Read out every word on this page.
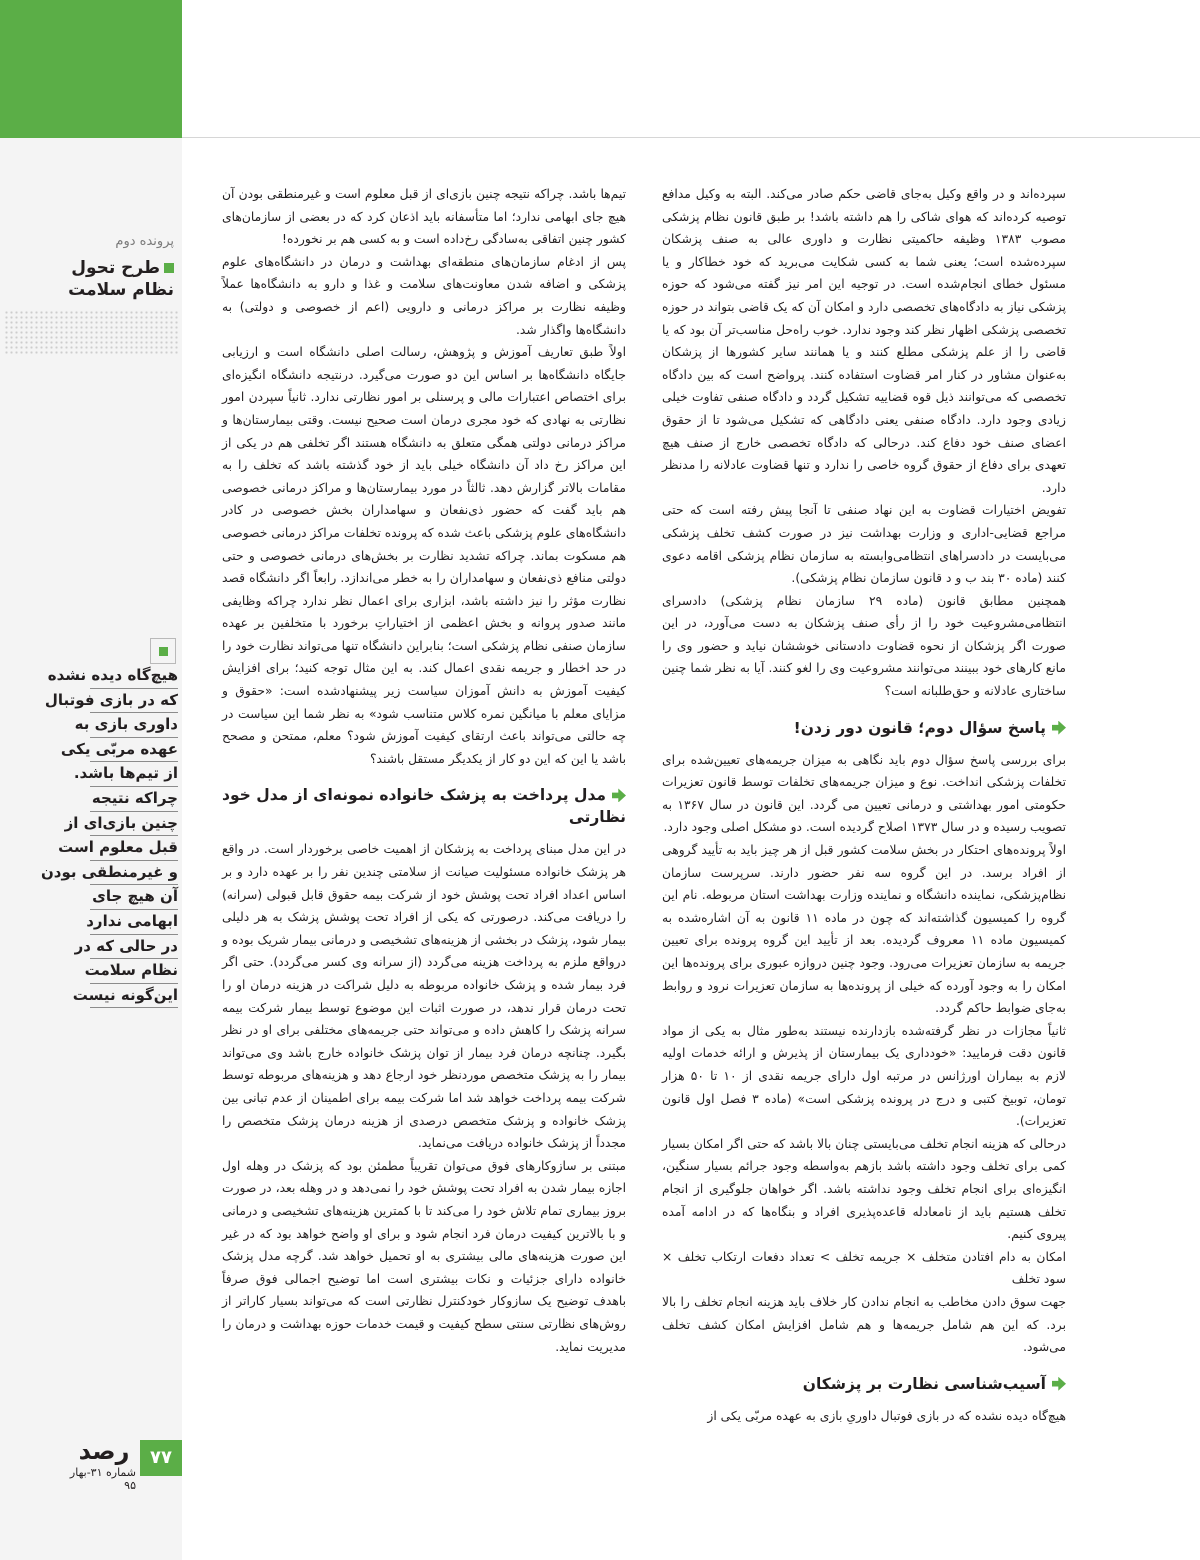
پرونده دوم
طرح تحول
نظام سلامت
هیچ‌گاه دیده نشده
که در بازی فوتبال
داوری بازی به
عهده مربّی یکی
از تیم‌ها باشد.
چراکه نتیجه
چنین بازی‌ای از
قبل معلوم است
و غیرمنطقی بودن
آن هیچ جای
ابهامی ندارد
در حالی که در
نظام سلامت
این‌گونه نیست
۷۷
رصد
شماره ۳۱-بهار ۹۵

سپرده‌اند و در واقع وکیل به‌جای قاضی حکم صادر می‌کند. البته به وکیل مدافع توصیه کرده‌اند که هوای شاکی را هم داشته باشد! بر طبق قانون نظام پزشکی مصوب ۱۳۸۳ وظیفه حاکمیتی نظارت و داوری عالی به صنف پزشکان سپرده‌شده است؛ یعنی شما به کسی شکایت می‌برید که خود خطاکار و یا مسئول خطای انجام‌شده است. در توجیه این امر نیز گفته می‌شود که حوزه پزشکی نیاز به دادگاه‌های تخصصی دارد و امکان آن که یک قاضی بتواند در حوزه تخصصی پزشکی اظهار نظر کند وجود ندارد. خوب راه‌حل مناسب‌تر آن بود که یا قاضی را از علم پزشکی مطلع کنند و یا همانند سایر کشورها از پزشکان به‌عنوان مشاور در کنار امر قضاوت استفاده کنند. پرواضح است که بین دادگاه تخصصی که می‌توانند ذیل قوه قضاییه تشکیل گردد و دادگاه صنفی تفاوت خیلی زیادی وجود دارد. دادگاه صنفی یعنی دادگاهی که تشکیل می‌شود تا از حقوق اعضای صنف خود دفاع کند. درحالی که دادگاه تخصصی خارج از صنف هیچ تعهدی برای دفاع از حقوق گروه خاصی را ندارد و تنها قضاوت عادلانه را مدنظر دارد.

تفویض اختیارات قضاوت به این نهاد صنفی تا آنجا پیش رفته است که حتی مراجع قضایی-اداری و وزارت بهداشت نیز در صورت کشف تخلف پزشکی می‌بایست در دادسراهای انتظامی‌وابسته به سازمان نظام پزشکی اقامه دعوی کنند (ماده ۳۰ بند ب و د قانون سازمان نظام پزشکی).

همچنین مطابق قانون (ماده ۲۹ سازمان نظام پزشکی) دادسرای انتظامی‌مشروعیت خود را از رأی صنف پزشکان به دست می‌آورد، در این صورت اگر پزشکان از نحوه قضاوت دادستانی خوششان نیاید و حضور وی را مانع کارهای خود ببینند می‌توانند مشروعیت وی را لغو کنند. آیا به نظر شما چنین ساختاری عادلانه و حق‌طلبانه است؟

پاسخ سؤال دوم؛ قانون دور زدن!

برای بررسی پاسخ سؤال دوم باید نگاهی به میزان جریمه‌های تعیین‌شده برای تخلفات پزشکی انداخت. نوع و میزان جریمه‌های تخلفات توسط قانون تعزیرات حکومتی امور بهداشتی و درمانی تعیین می گردد. این قانون در سال ۱۳۶۷ به تصویب رسیده و در سال ۱۳۷۳ اصلاح گردیده است. دو مشکل اصلی وجود دارد.

اولاً پرونده‌های احتکار در بخش سلامت کشور قبل از هر چیز باید به تأیید گروهی از افراد برسد. در این گروه سه نفر حضور دارند. سرپرست سازمان نظام‌پزشکی، نماینده دانشگاه و نماینده وزارت بهداشت استان مربوطه. نام این گروه را کمیسیون گذاشته‌اند که چون در ماده ۱۱ قانون به آن اشاره‌شده به کمیسیون ماده ۱۱ معروف گردیده. بعد از تأیید این گروه پرونده برای تعیین جریمه به سازمان تعزیرات می‌رود. وجود چنین دروازه عبوری برای پرونده‌ها این امکان را به وجود آورده که خیلی از پرونده‌ها به سازمان تعزیرات نرود و روابط به‌جای ضوابط حاکم گردد.

ثانیاً مجازات در نظر گرفته‌شده بازدارنده نیستند به‌طور مثال به یکی از مواد قانون دقت فرمایید: «خودداری یک بیمارستان از پذیرش و ارائه خدمات اولیه لازم به بیماران اورژانس در مرتبه اول دارای جریمه نقدی از ۱۰ تا ۵۰ هزار تومان، توبیخ کتبی و درج در پرونده پزشکی است» (ماده ۳ فصل اول قانون تعزیرات).

درحالی که هزینه انجام تخلف می‌بایستی چنان بالا باشد که حتی اگر امکان بسیار کمی برای تخلف وجود داشته باشد بازهم به‌واسطه وجود جرائم بسیار سنگین، انگیزه‌ای برای انجام تخلف وجود نداشته باشد. اگر خواهان جلوگیری از انجام تخلف هستیم باید از نامعادله قاعده‌پذیری افراد و بنگاه‌ها که در ادامه آمده پیروی کنیم.

امکان به دام افتادن متخلف × جریمه تخلف > تعداد دفعات ارتکاب تخلف × سود تخلف

جهت سوق دادن مخاطب به انجام ندادن کار خلاف باید هزینه انجام تخلف را بالا برد. که این هم شامل جریمه‌ها و هم شامل افزایش امکان کشف تخلف می‌شود.

آسیب‌شناسی نظارت بر پزشکان

هیچ‌گاه دیده نشده که در بازی فوتبال داوریِ بازی به عهده مربّی یکی از

تیم‌ها باشد. چراکه نتیجه چنین بازی‌ای از قبل معلوم است و غیرمنطقی بودن آن هیچ جای ابهامی ندارد؛ اما متأسفانه باید اذعان کرد که در بعضی از سازمان‌های کشور چنین اتفاقی به‌سادگی رخ‌داده است و به کسی هم بر نخورده!

پس از ادغام سازمان‌های منطقه‌ای بهداشت و درمان در دانشگاه‌های علوم پزشکی و اضافه شدن معاونت‌های سلامت و غذا و دارو به دانشگاه‌ها عملاً وظیفه نظارت بر مراکز درمانی و دارویی (اعم از خصوصی و دولتی) به دانشگاه‌ها واگذار شد.

اولاً طبق تعاریف آموزش و پژوهش، رسالت اصلی دانشگاه است و ارزیابی جایگاه دانشگاه‌ها بر اساس این دو صورت می‌گیرد. درنتیجه دانشگاه انگیزه‌ای برای اختصاص اعتبارات مالی و پرسنلی بر امور نظارتی ندارد. ثانیاً سپردن امور نظارتی به نهادی که خود مجری درمان است صحیح نیست. وقتی بیمارستان‌ها و مراکز درمانی دولتی همگی متعلق به دانشگاه هستند اگر تخلفی هم در یکی از این مراکز رخ داد آن دانشگاه خیلی باید از خود گذشته باشد که تخلف را به مقامات بالاتر گزارش دهد. ثالثاً در مورد بیمارستان‌ها و مراکز درمانی خصوصی هم باید گفت که حضور ذی‌نفعان و سهامداران بخش خصوصی در کادر دانشگاه‌های علوم پزشکی باعث شده که پرونده تخلفات مراکز درمانی خصوصی هم مسکوت بماند. چراکه تشدید نظارت بر بخش‌های درمانی خصوصی و حتی دولتی منافع ذی‌نفعان و سهامداران را به خطر می‌اندازد. رابعاً اگر دانشگاه قصد نظارت مؤثر را نیز داشته باشد، ابزاری برای اعمال نظر ندارد چراکه وظایفی مانند صدور پروانه و بخش اعظمی از اختیاراتِ برخورد با متخلفین بر عهده سازمان صنفی نظام پزشکی است؛ بنابراین دانشگاه تنها می‌تواند نظارت خود را در حد اخطار و جریمه نقدی اعمال کند. به این مثال توجه کنید؛ برای افزایش کیفیت آموزش به دانش آموزان سیاست زیر پیشنهادشده است: «حقوق و مزایای معلم با میانگین نمره کلاس متناسب شود» به نظر شما این سیاست در چه حالتی می‌تواند باعث ارتقای کیفیت آموزش شود؟ معلم، ممتحن و مصحح باشد یا این که این دو کار از یکدیگر مستقل باشند؟

مدل پرداخت به پزشک خانواده نمونه‌ای از مدل خود نظارتی

در این مدل مبنای پرداخت به پزشکان از اهمیت خاصی برخوردار است. در واقع هر پزشک خانواده مسئولیت صیانت از سلامتی چندین نفر را بر عهده دارد و بر اساس اعداد افراد تحت پوشش خود از شرکت بیمه حقوق قابل قبولی (سرانه) را دریافت می‌کند. درصورتی که یکی از افراد تحت پوشش پزشک به هر دلیلی بیمار شود، پزشک در بخشی از هزینه‌های تشخیصی و درمانی بیمار شریک بوده و درواقع ملزم به پرداخت هزینه می‌گردد (از سرانه وی کسر می‌گردد). حتی اگر فرد بیمار شده و پزشک خانواده مربوطه به دلیل شراکت در هزینه درمان او را تحت درمان قرار ندهد، در صورت اثبات این موضوع توسط بیمار شرکت بیمه سرانه پزشک را کاهش داده و می‌تواند حتی جریمه‌های مختلفی برای او در نظر بگیرد. چنانچه درمان فرد بیمار از توان پزشک خانواده خارج باشد وی می‌تواند بیمار را به پزشک متخصص موردنظر خود ارجاع دهد و هزینه‌های مربوطه توسط شرکت بیمه پرداخت خواهد شد اما شرکت بیمه برای اطمینان از عدم تبانی بین پزشک خانواده و پزشک متخصص درصدی از هزینه درمان پزشک متخصص را مجدداً از پزشک خانواده دریافت می‌نماید.

مبتنی بر سازوکارهای فوق می‌توان تقریباً مطمئن بود که پزشک در وهله اول اجازه بیمار شدن به افراد تحت پوشش خود را نمی‌دهد و در وهله بعد، در صورت بروز بیماری تمام تلاش خود را می‌کند تا با کمترین هزینه‌های تشخیصی و درمانی و با بالاترین کیفیت درمان فرد انجام شود و برای او واضح خواهد بود که در غیر این صورت هزینه‌های مالی بیشتری به او تحمیل خواهد شد. گرچه مدل پزشک خانواده دارای جزئیات و نکات بیشتری است اما توضیح اجمالی فوق صرفاً باهدف توضیح یک سازوکار خودکنترل نظارتی است که می‌تواند بسیار کاراتر از روش‌های نظارتی سنتی سطح کیفیت و قیمت خدمات حوزه بهداشت و درمان را مدیریت نماید.
